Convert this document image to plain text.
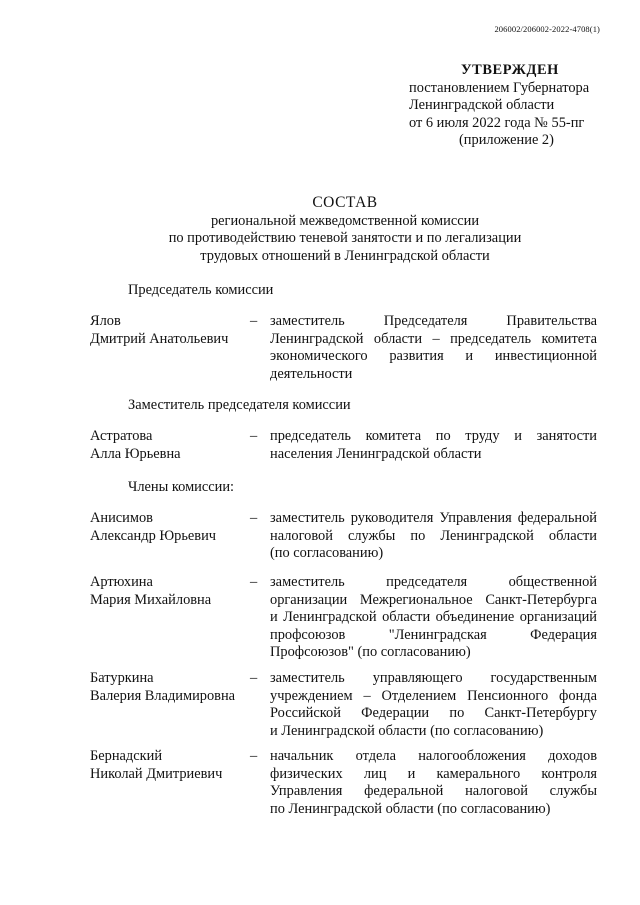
206002/206002-2022-4708(1)
УТВЕРЖДЕН
постановлением Губернатора
Ленинградской области
от 6 июля 2022 года № 55-пг
(приложение 2)
СОСТАВ
региональной межведомственной комиссии
по противодействию теневой занятости и по легализации
трудовых отношений в Ленинградской области
Председатель комиссии
Ялов
Дмитрий Анатольевич
– заместитель Председателя Правительства
Ленинградской области – председатель комитета
экономического развития и инвестиционной
деятельности
Заместитель председателя комиссии
Астратова
Алла Юрьевна
– председатель комитета по труду и занятости
населения Ленинградской области
Члены комиссии:
Анисимов
Александр Юрьевич
– заместитель руководителя Управления федеральной
налоговой службы по Ленинградской области
(по согласованию)
Артюхина
Мария Михайловна
– заместитель председателя общественной
организации Межрегиональное Санкт-Петербурга
и Ленинградской области объединение организаций
профсоюзов "Ленинградская Федерация
Профсоюзов" (по согласованию)
Батуркина
Валерия Владимировна
– заместитель управляющего государственным
учреждением – Отделением Пенсионного фонда
Российской Федерации по Санкт-Петербургу
и Ленинградской области (по согласованию)
Бернадский
Николай Дмитриевич
– начальник отдела налогообложения доходов
физических лиц и камерального контроля
Управления федеральной налоговой службы
по Ленинградской области (по согласованию)
